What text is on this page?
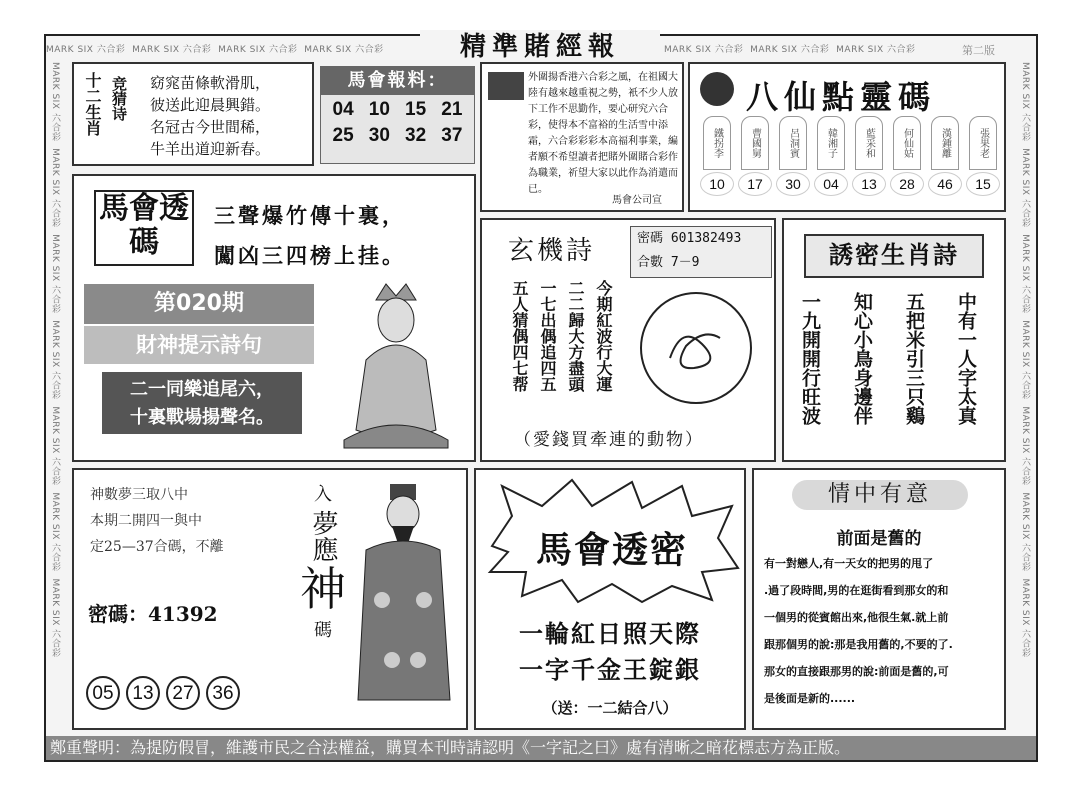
MARK SIX 六合彩 MARK SIX 六合彩 MARK SIX 六合彩 MARK SIX 六合彩	MARK SIX 六合彩 MARK SIX 六合彩 MARK SIX 六合彩
MARK SIX 六合彩  MARK SIX 六合彩  MARK SIX 六合彩  MARK SIX 六合彩  MARK SIX 六合彩  MARK SIX 六合彩  MARK SIX 六合彩
MARK SIX 六合彩  MARK SIX 六合彩  MARK SIX 六合彩  MARK SIX 六合彩  MARK SIX 六合彩  MARK SIX 六合彩  MARK SIX 六合彩
精準賭經報	第二版
十二生肖 竞猜诗 窈窕苗條軟滑肌，
彼送此迎晨興錯。
名冠古今世間稀，
牛羊出道迎新春。
馬會報料：
04 10 15 21
25 30 32 37
外圍揚香港六合彩之風，在祖國大陸有越來越重視之勢，衹不少人放下工作不思勤作，要心研究六合彩，使得本不富裕的生活雪中添霜，六合彩彩彩本高福利事業，編者願不希望讀者把賭外圍賭合彩作為職業，祈望大家以此作為消遣而已。
馬會公司宣
八仙點靈碼
鐵拐李
10
曹國舅
17
呂洞賓
30
韓湘子
04
藍采和
13
何仙姑
28
漢鍾離
46
張果老
15
馬會透碼
三聲爆竹傳十裏，
闖凶三四榜上挂。
第020期
財神提示詩句
二一同樂追尾六，
十裏戰場揚聲名。
玄機詩	密碼 601382493
合數 7－9
今期紅波行大運
二二歸大方盡頭
一七出偶追四五
五人猜偶四七帮
（愛錢買牽連的動物）
誘密生肖詩
中有一人字太真
五把米引三只鷄
知心小鳥身邊伴
一九開開行旺波
神數夢三取八中
本期二開四一與中
定25—37合碼，不離
密碼：41392
05 13 27 36
入
夢應
神
碼
馬會透密
一輪紅日照天際
一字千金王錠銀
（送：一二結合八）
情中有意
前面是舊的
有一對戀人,有一天女的把男的甩了
.過了段時間,男的在逛街看到那女的和
一個男的從賓館出來,他很生氣.就上前
跟那個男的說:那是我用舊的,不要的了.
那女的直接跟那男的說:前面是舊的,可
是後面是新的......
鄭重聲明：為提防假冒，維護市民之合法權益，購買本刊時請認明《一字記之曰》處有清晰之暗花標志方為正版。
